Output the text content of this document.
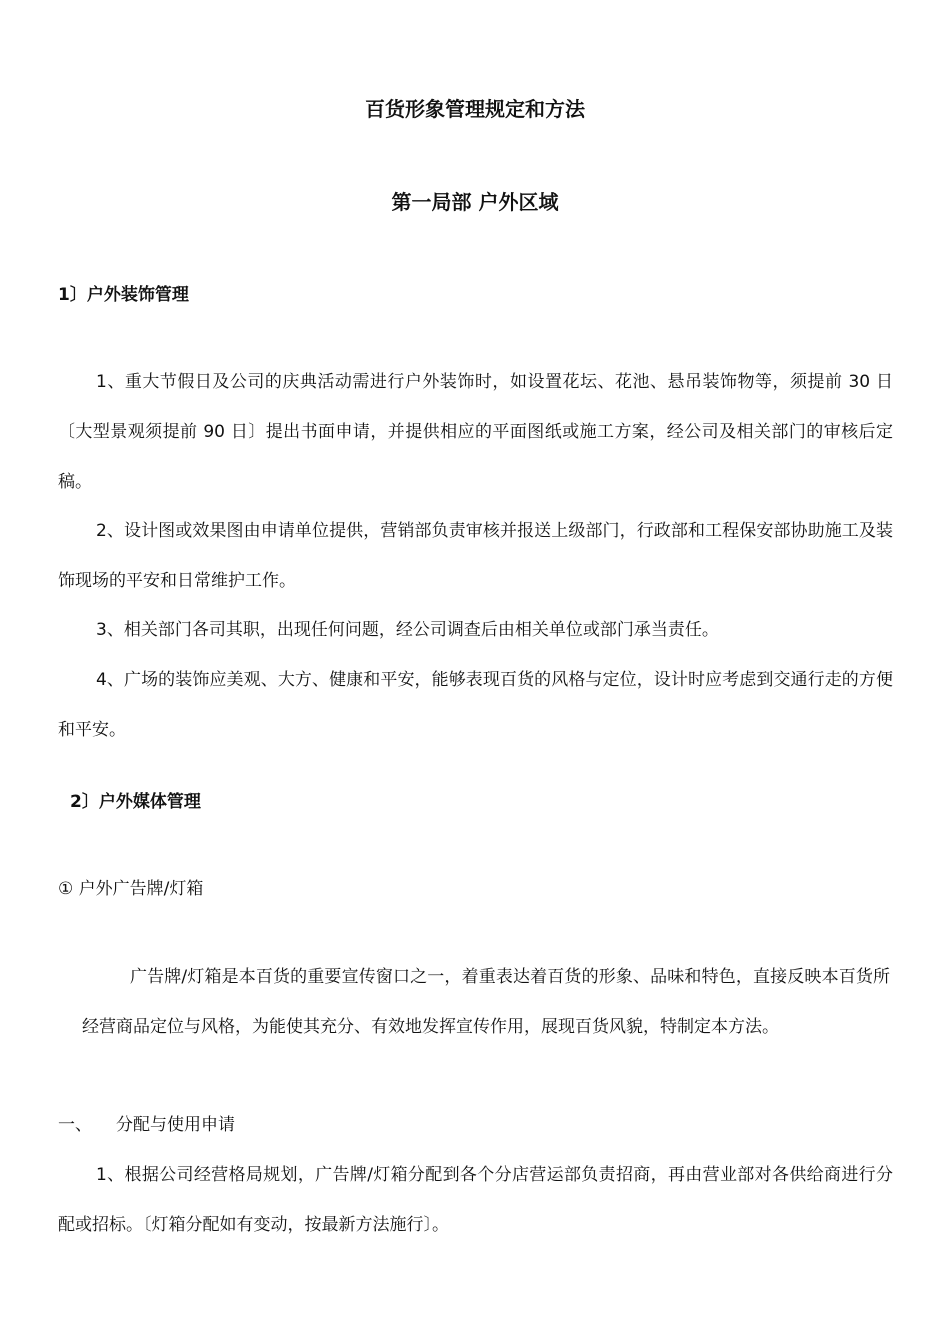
百货形象管理规定和方法
第一局部 户外区域
1〕户外装饰管理

1、重大节假日及公司的庆典活动需进行户外装饰时，如设置花坛、花池、悬吊装饰物等，须提前 30 日〔大型景观须提前 90 日〕提出书面申请，并提供相应的平面图纸或施工方案，经公司及相关部门的审核后定稿。

2、设计图或效果图由申请单位提供，营销部负责审核并报送上级部门，行政部和工程保安部协助施工及装饰现场的平安和日常维护工作。

3、相关部门各司其职，出现任何问题，经公司调查后由相关单位或部门承当责任。

4、广场的装饰应美观、大方、健康和平安，能够表现百货的风格与定位，设计时应考虑到交通行走的方便和平安。

2〕户外媒体管理

① 户外广告牌/灯箱

广告牌/灯箱是本百货的重要宣传窗口之一，着重表达着百货的形象、品味和特色，直接反映本百货所经营商品定位与风格，为能使其充分、有效地发挥宣传作用，展现百货风貌，特制定本方法。

一、 分配与使用申请

1、根据公司经营格局规划，广告牌/灯箱分配到各个分店营运部负责招商，再由营业部对各供给商进行分配或招标。〔灯箱分配如有变动，按最新方法施行〕。
